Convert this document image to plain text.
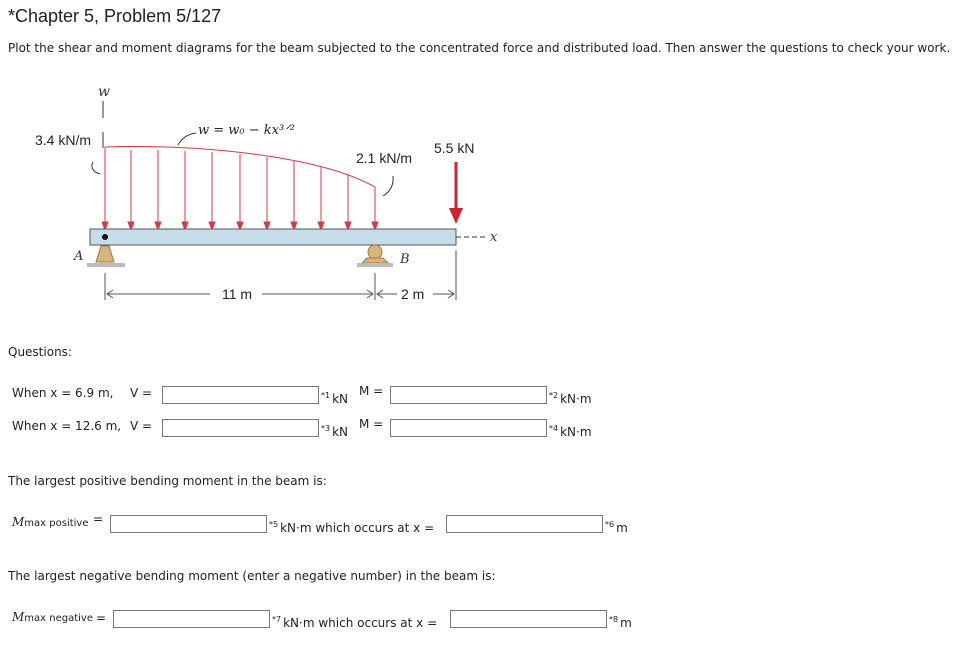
*Chapter 5, Problem 5/127
Plot the shear and moment diagrams for the beam subjected to the concentrated force and distributed load. Then answer the questions to check your work.
w
3.4 kN/m
w = w₀ − kx³ᐟ²
2.1 kN/m
5.5 kN
x
A	B
11 m	2 m
Questions:
When x = 6.9 m, V =	$^{*1}$ kN
M =	$^{*2}$ kN·m
When x = 12.6 m, V =	$^{*3}$ kN
M =	$^{*4}$ kN·m
The largest positive bending moment in the beam is:
Mmax positive =	$^{*5}$ kN·m which occurs at x =	$^{*6}$ m
The largest negative bending moment (enter a negative number) in the beam is:
Mmax negative =	$^{*7}$ kN·m which occurs at x =	$^{*8}$ m
